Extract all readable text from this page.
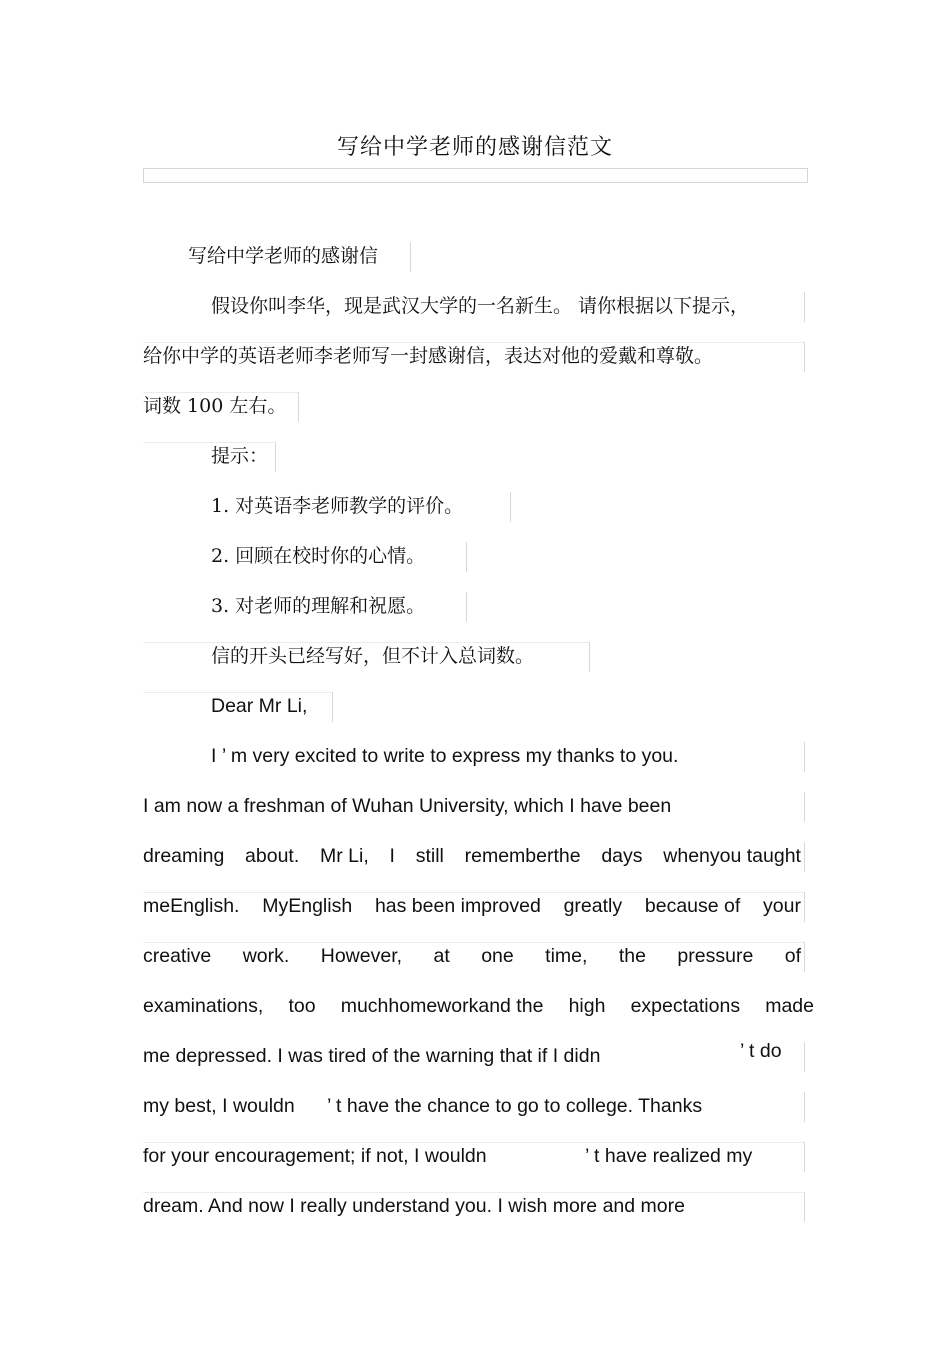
写给中学老师的感谢信范文
写给中学老师的感谢信
假设你叫李华，现是武汉大学的一名新生。 请你根据以下提示，
给你中学的英语老师李老师写一封感谢信，表达对他的爱戴和尊敬。
词数 100 左右。
提示：
1. 对英语李老师教学的评价。
2. 回顾在校时你的心情。
3. 对老师的理解和祝愿。
信的开头已经写好，但不计入总词数。
Dear Mr Li,
I ’ m very excited to write to express my thanks to you.
I am now a freshman of Wuhan University, which I have been
dreaming about. Mr Li, I still rememberthe days whenyou taught
meEnglish. MyEnglish has been improved greatly because of your
creative work. However, at one time, the pressure of
examinations, too muchhomeworkand the high expectations made
me depressed. I was tired of the warning that if I didn	’ t do
my best, I wouldn ’ t have the chance to go to college. Thanks
for your encouragement; if not, I wouldn	’ t have realized my
dream. And now I really understand you. I wish more and more
